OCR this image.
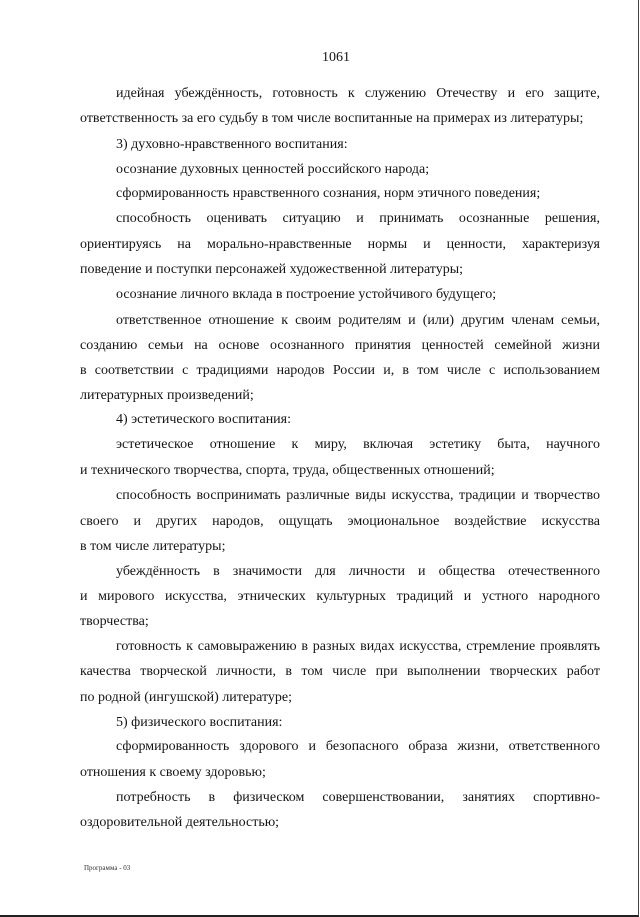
1061
идейная убеждённость, готовность к служению Отечеству и его защите,
ответственность за его судьбу в том числе воспитанные на примерах из литературы;
3) духовно-нравственного воспитания:
осознание духовных ценностей российского народа;
сформированность нравственного сознания, норм этичного поведения;
способность оценивать ситуацию и принимать осознанные решения,
ориентируясь на морально-нравственные нормы и ценности, характеризуя
поведение и поступки персонажей художественной литературы;
осознание личного вклада в построение устойчивого будущего;
ответственное отношение к своим родителям и (или) другим членам семьи,
созданию семьи на основе осознанного принятия ценностей семейной жизни
в соответствии с традициями народов России и, в том числе с использованием
литературных произведений;
4) эстетического воспитания:
эстетическое отношение к миру, включая эстетику быта, научного
и технического творчества, спорта, труда, общественных отношений;
способность воспринимать различные виды искусства, традиции и творчество
своего и других народов, ощущать эмоциональное воздействие искусства
в том числе литературы;
убеждённость в значимости для личности и общества отечественного
и мирового искусства, этнических культурных традиций и устного народного
творчества;
готовность к самовыражению в разных видах искусства, стремление проявлять
качества творческой личности, в том числе при выполнении творческих работ
по родной (ингушской) литературе;
5) физического воспитания:
сформированность здорового и безопасного образа жизни, ответственного
отношения к своему здоровью;
потребность в физическом совершенствовании, занятиях спортивно-
оздоровительной деятельностью;
Программа - 03
